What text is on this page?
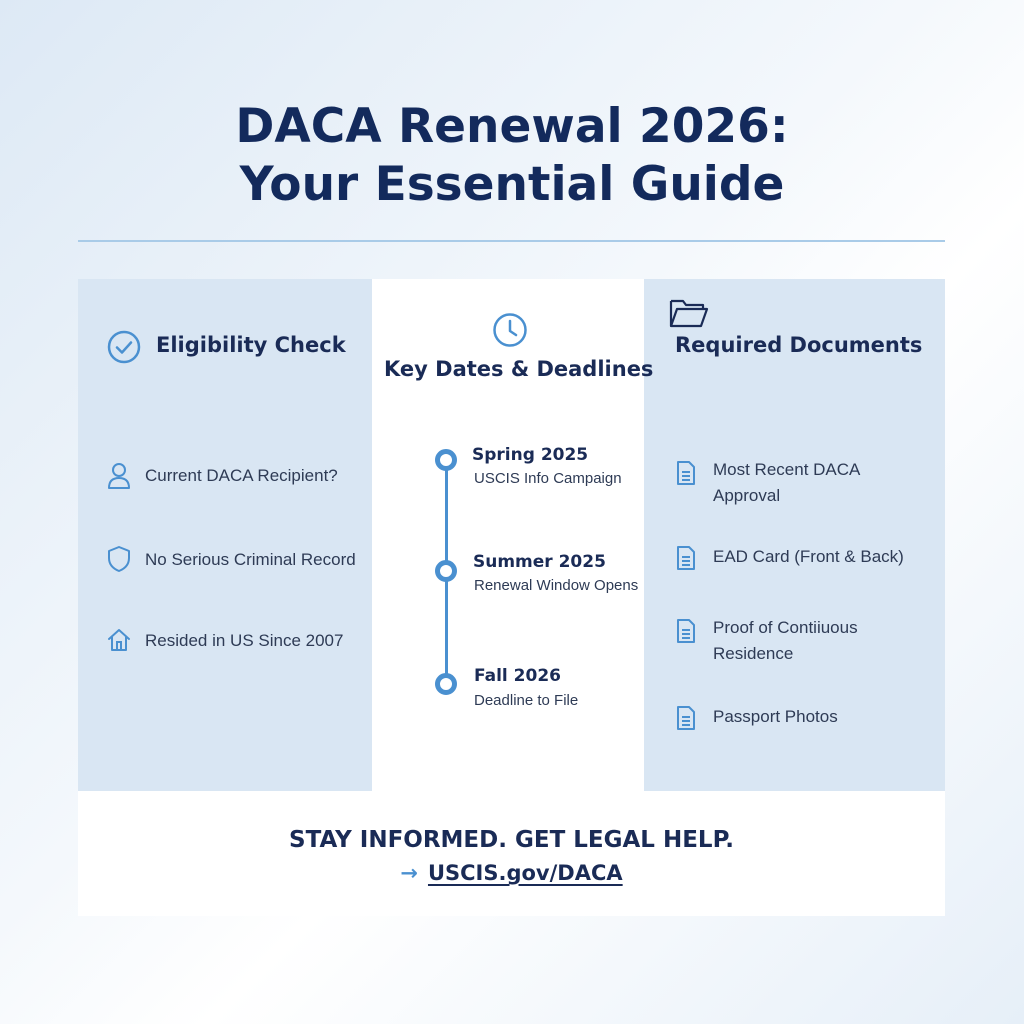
DACA Renewal 2026:
Your Essential Guide
Eligibility Check
Current DACA Recipient?
No Serious Criminal Record
Resided in US Since 2007
Key Dates & Deadlines
Spring 2025
USCIS Info Campaign
Summer 2025
Renewal Window Opens
Fall 2026
Deadline to File
Required Documents
Most Recent DACA
Approval
EAD Card (Front & Back)
Proof of Contiiuous
Residence
Passport Photos
STAY INFORMED. GET LEGAL HELP.
→ USCIS.gov/DACA
